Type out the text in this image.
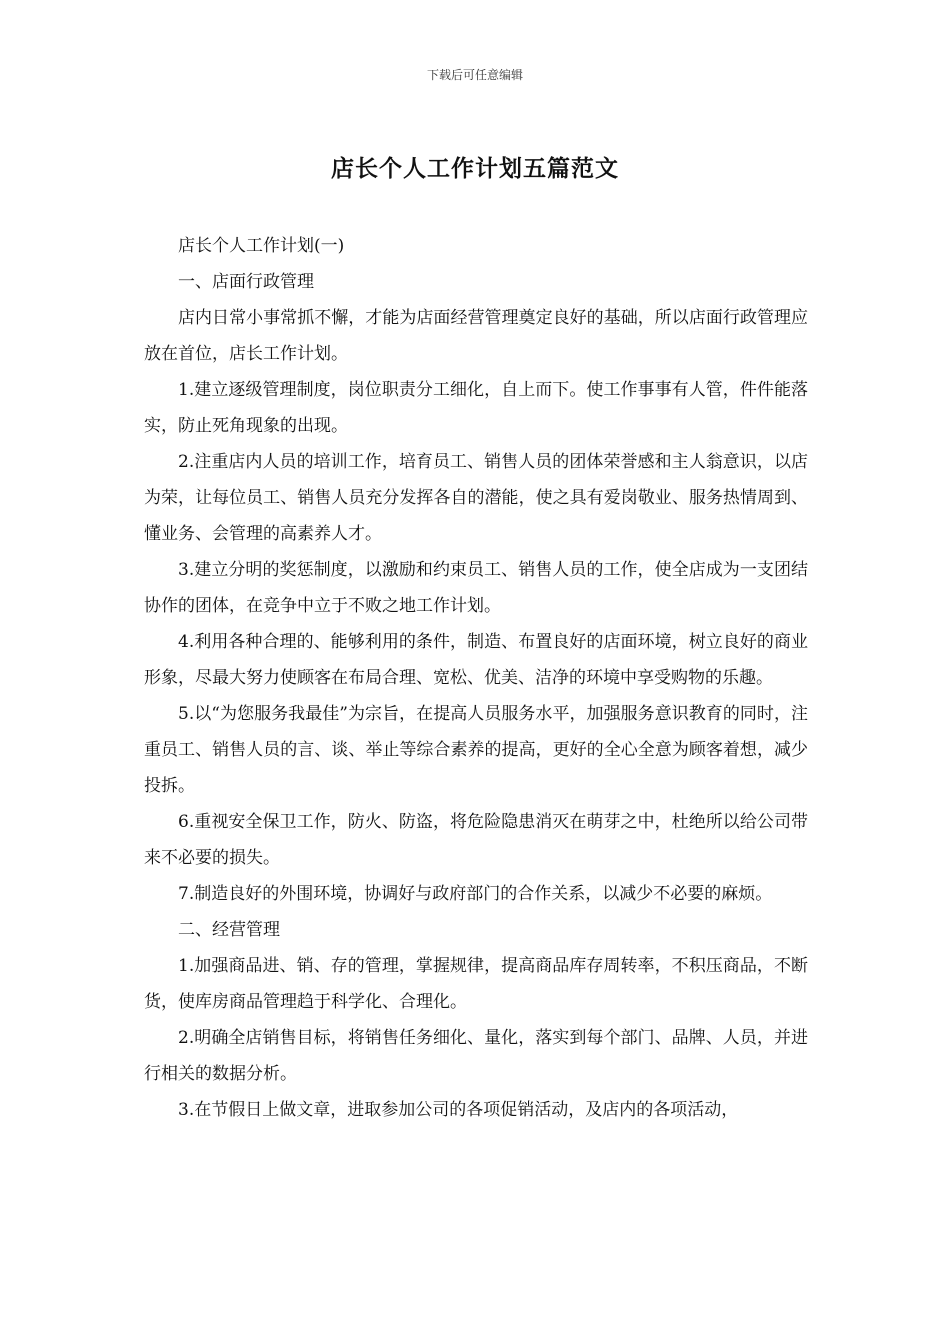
下载后可任意编辑
店长个人工作计划五篇范文

店长个人工作计划(一)

一、店面行政管理

店内日常小事常抓不懈，才能为店面经营管理奠定良好的基础，所以店面行政管理应放在首位，店长工作计划。

1.建立逐级管理制度，岗位职责分工细化，自上而下。使工作事事有人管，件件能落实，防止死角现象的出现。

2.注重店内人员的培训工作，培育员工、销售人员的团体荣誉感和主人翁意识，以店为荣，让每位员工、销售人员充分发挥各自的潜能，使之具有爱岗敬业、服务热情周到、懂业务、会管理的高素养人才。

3.建立分明的奖惩制度，以激励和约束员工、销售人员的工作，使全店成为一支团结协作的团体，在竞争中立于不败之地工作计划。

4.利用各种合理的、能够利用的条件，制造、布置良好的店面环境，树立良好的商业形象，尽最大努力使顾客在布局合理、宽松、优美、洁净的环境中享受购物的乐趣。

5.以“为您服务我最佳”为宗旨，在提高人员服务水平，加强服务意识教育的同时，注重员工、销售人员的言、谈、举止等综合素养的提高，更好的全心全意为顾客着想，减少投拆。

6.重视安全保卫工作，防火、防盗，将危险隐患消灭在萌芽之中，杜绝所以给公司带来不必要的损失。

7.制造良好的外围环境，协调好与政府部门的合作关系，以减少不必要的麻烦。

二、经营管理

1.加强商品进、销、存的管理，掌握规律，提高商品库存周转率，不积压商品，不断货，使库房商品管理趋于科学化、合理化。

2.明确全店销售目标，将销售任务细化、量化，落实到每个部门、品牌、人员，并进行相关的数据分析。

3.在节假日上做文章，进取参加公司的各项促销活动，及店内的各项活动，
